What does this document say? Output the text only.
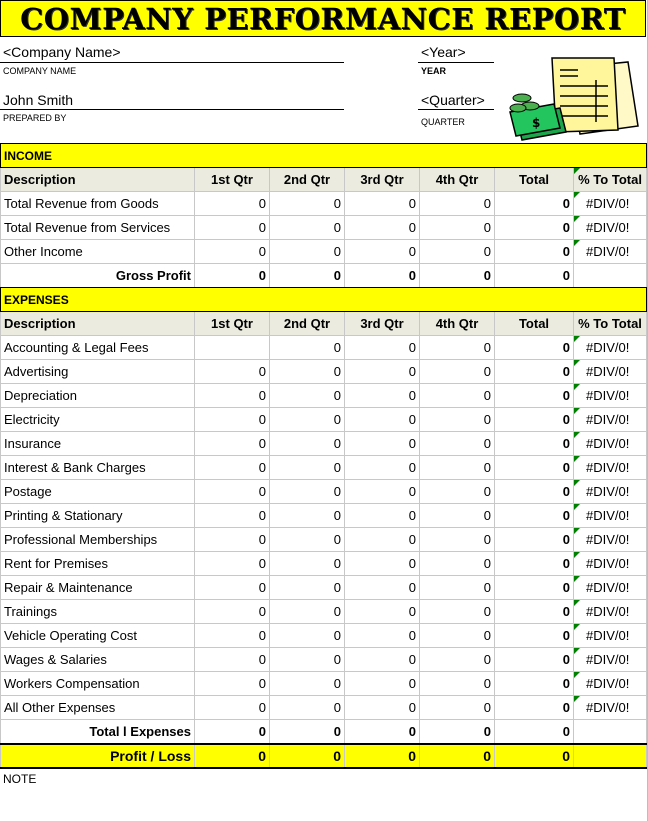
COMPANY PERFORMANCE REPORT
<Company Name>
COMPANY NAME
John Smith
PREPARED BY
<Year>
YEAR
<Quarter>
QUARTER	$
INCOME						
Description	1st Qtr	2nd Qtr	3rd Qtr	4th Qtr	Total	% To Total
Total Revenue from Goods	0	0	0	0	0	#DIV/0!
Total Revenue from Services	0	0	0	0	0	#DIV/0!
Other Income	0	0	0	0	0	#DIV/0!
Gross Profit	0	0	0	0	0	
EXPENSES						
Description	1st Qtr	2nd Qtr	3rd Qtr	4th Qtr	Total	% To Total
Accounting & Legal Fees		0	0	0	0	#DIV/0!
Advertising	0	0	0	0	0	#DIV/0!
Depreciation	0	0	0	0	0	#DIV/0!
Electricity	0	0	0	0	0	#DIV/0!
Insurance	0	0	0	0	0	#DIV/0!
Interest & Bank Charges	0	0	0	0	0	#DIV/0!
Postage	0	0	0	0	0	#DIV/0!
Printing & Stationary	0	0	0	0	0	#DIV/0!
Professional Memberships	0	0	0	0	0	#DIV/0!
Rent for Premises	0	0	0	0	0	#DIV/0!
Repair & Maintenance	0	0	0	0	0	#DIV/0!
Trainings	0	0	0	0	0	#DIV/0!
Vehicle Operating Cost	0	0	0	0	0	#DIV/0!
Wages & Salaries	0	0	0	0	0	#DIV/0!
Workers Compensation	0	0	0	0	0	#DIV/0!
All Other Expenses	0	0	0	0	0	#DIV/0!
Total l Expenses	0	0	0	0	0	
Profit / Loss	0	0	0	0	0	
NOTE
